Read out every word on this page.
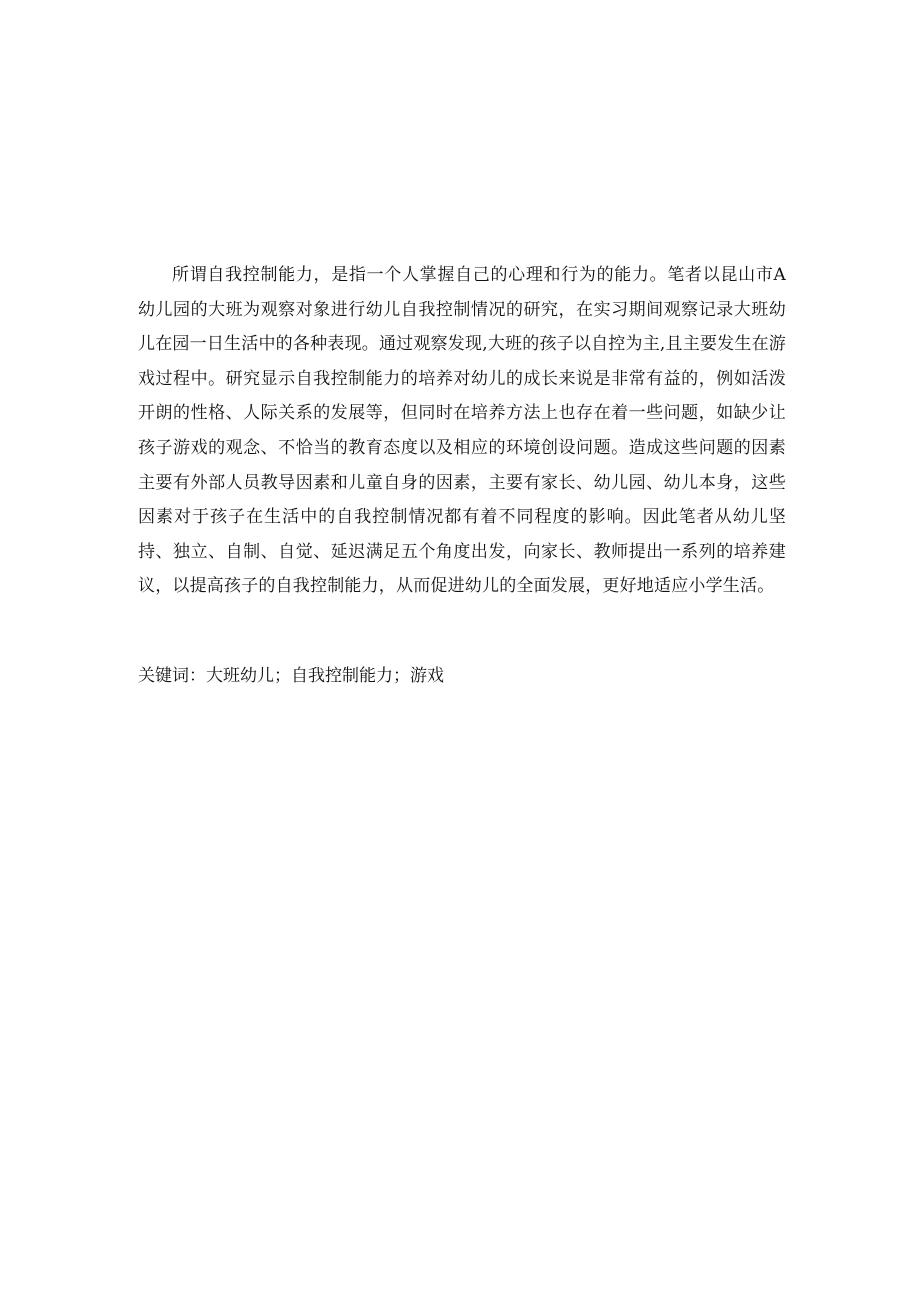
所谓自我控制能力，是指一个人掌握自己的心理和行为的能力。笔者以昆山市A幼儿园的大班为观察对象进行幼儿自我控制情况的研究，在实习期间观察记录大班幼儿在园一日生活中的各种表现。通过观察发现,大班的孩子以自控为主,且主要发生在游戏过程中。研究显示自我控制能力的培养对幼儿的成长来说是非常有益的，例如活泼开朗的性格、人际关系的发展等，但同时在培养方法上也存在着一些问题，如缺少让孩子游戏的观念、不恰当的教育态度以及相应的环境创设问题。造成这些问题的因素主要有外部人员教导因素和儿童自身的因素，主要有家长、幼儿园、幼儿本身，这些因素对于孩子在生活中的自我控制情况都有着不同程度的影响。因此笔者从幼儿坚持、独立、自制、自觉、延迟满足五个角度出发，向家长、教师提出一系列的培养建议，以提高孩子的自我控制能力，从而促进幼儿的全面发展，更好地适应小学生活。

关键词：大班幼儿；自我控制能力；游戏
